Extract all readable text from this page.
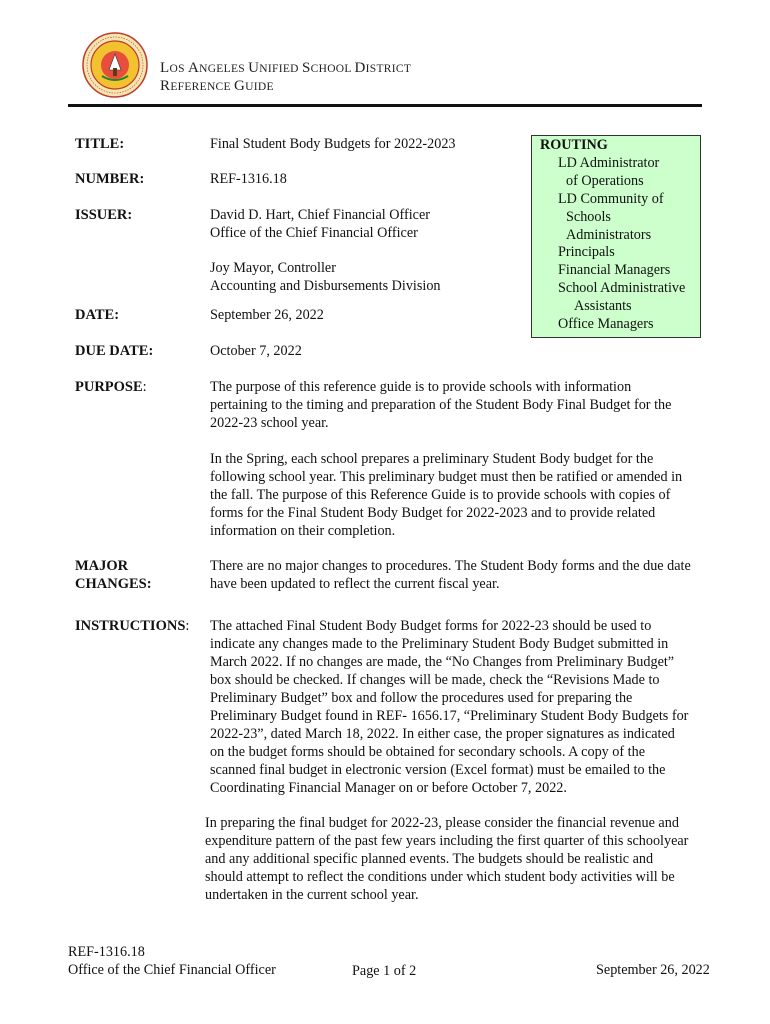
LOS ANGELES UNIFIED SCHOOL DISTRICT
REFERENCE GUIDE
TITLE:	Final Student Body Budgets for 2022-2023
NUMBER:	REF-1316.18
ISSUER:	David D. Hart, Chief Financial Officer
Office of the Chief Financial Officer
Joy Mayor, Controller
Accounting and Disbursements Division
DATE:	September 26, 2022
DUE DATE:	October 7, 2022
ROUTING
LD Administrator
of Operations
LD Community of
Schools
Administrators
Principals
Financial Managers
School Administrative
Assistants
Office Managers
PURPOSE:	The purpose of this reference guide is to provide schools with information
pertaining to the timing and preparation of the Student Body Final Budget for the
2022-23 school year.
In the Spring, each school prepares a preliminary Student Body budget for the
following school year. This preliminary budget must then be ratified or amended in
the fall. The purpose of this Reference Guide is to provide schools with copies of
forms for the Final Student Body Budget for 2022-2023 and to provide related
information on their completion.
MAJOR
CHANGES:
There are no major changes to procedures. The Student Body forms and the due date
have been updated to reflect the current fiscal year.
INSTRUCTIONS: The attached Final Student Body Budget forms for 2022-23 should be used to
indicate any changes made to the Preliminary Student Body Budget submitted in
March 2022. If no changes are made, the “No Changes from Preliminary Budget”
box should be checked. If changes will be made, check the “Revisions Made to
Preliminary Budget” box and follow the procedures used for preparing the
Preliminary Budget found in REF- 1656.17, “Preliminary Student Body Budgets for
2022-23”, dated March 18, 2022. In either case, the proper signatures as indicated
on the budget forms should be obtained for secondary schools. A copy of the
scanned final budget in electronic version (Excel format) must be emailed to the
Coordinating Financial Manager on or before October 7, 2022.
In preparing the final budget for 2022-23, please consider the financial revenue and
expenditure pattern of the past few years including the first quarter of this schoolyear
and any additional specific planned events. The budgets should be realistic and
should attempt to reflect the conditions under which student body activities will be
undertaken in the current school year.
REF-1316.18
Office of the Chief Financial Officer	Page 1 of 2	September 26, 2022
